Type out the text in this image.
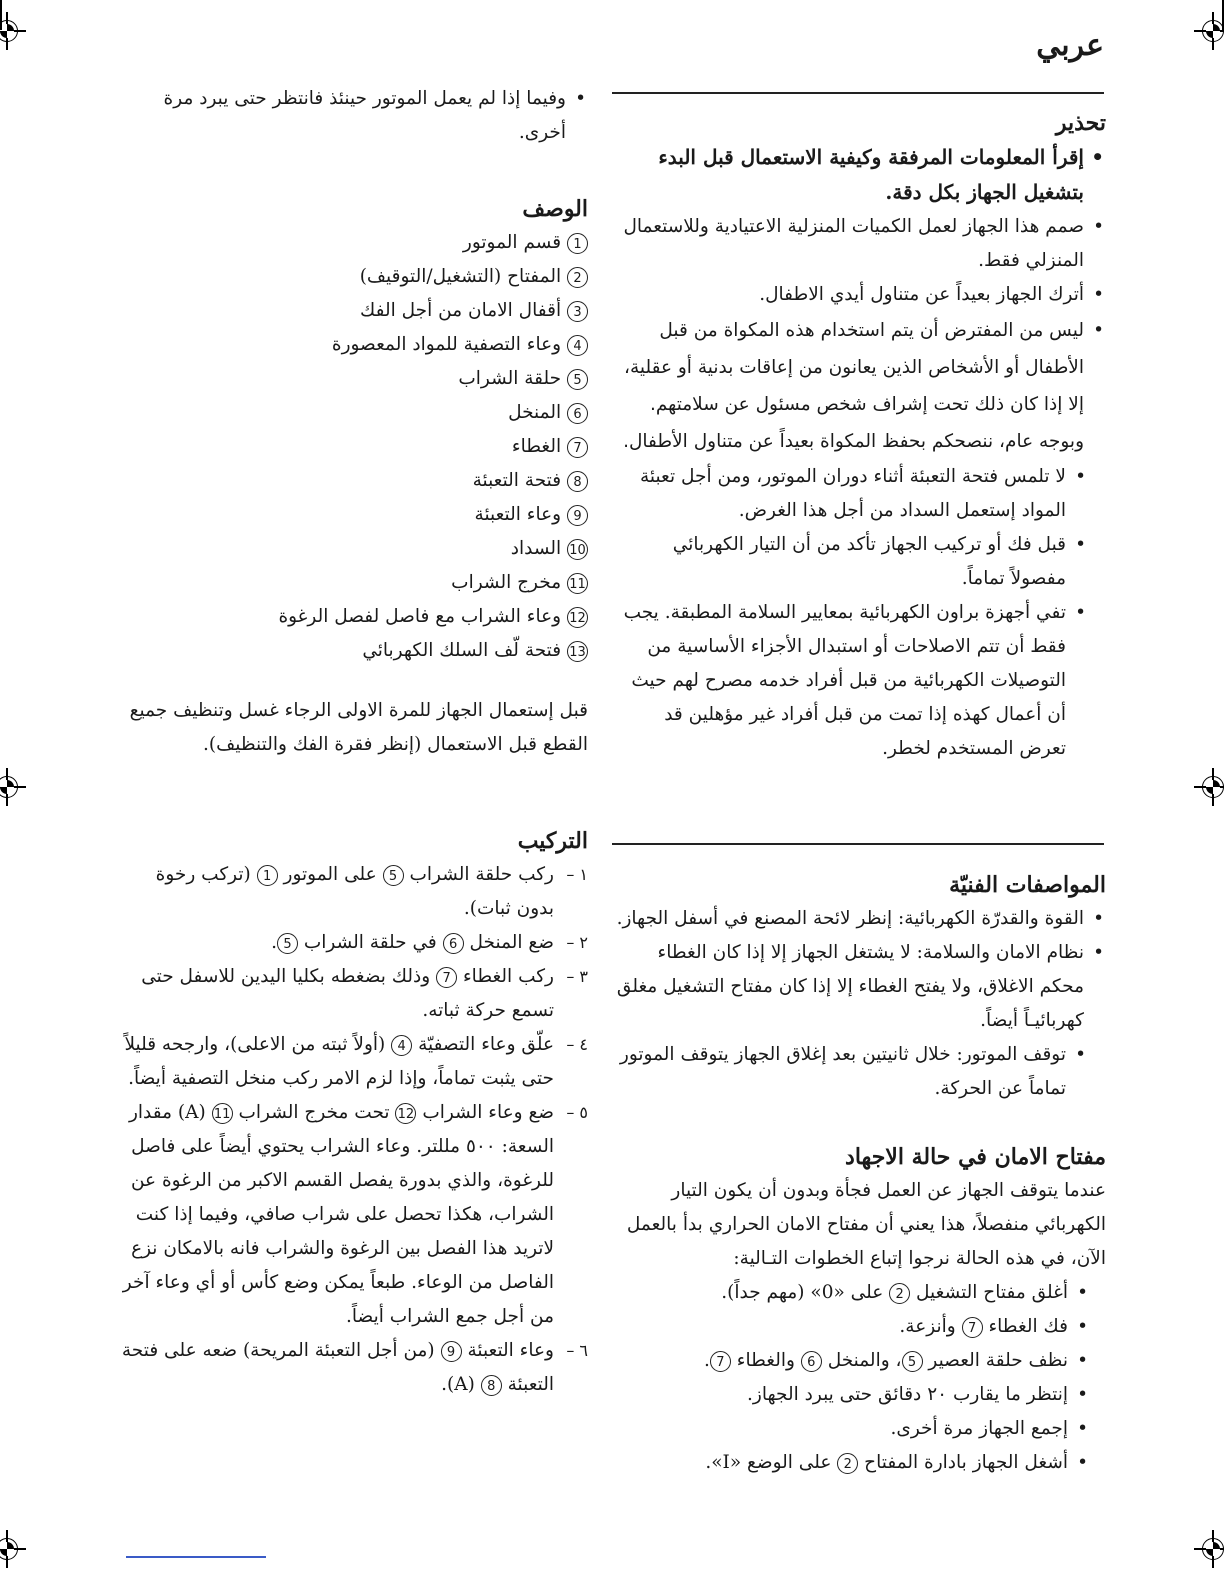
عربي
تحذير
• إقرأ المعلومات المرفقة وكيفية الاستعمال قبل البدء بتشغيل الجهاز بكل دقة.
• صمم هذا الجهاز لعمل الكميات المنزلية الاعتيادية وللاستعمال المنزلي فقط.
• أترك الجهاز بعيداً عن متناول أيدي الاطفال.
• ليس من المفترض أن يتم استخدام هذه المكواة من قبل الأطفال أو الأشخاص الذين يعانون من إعاقات بدنية أو عقلية، إلا إذا كان ذلك تحت إشراف شخص مسئول عن سلامتهم. وبوجه عام، ننصحكم بحفظ المكواة بعيداً عن متناول الأطفال.
• لا تلمس فتحة التعبئة أثناء دوران الموتور، ومن أجل تعبئة المواد إستعمل السداد من أجل هذا الغرض.
• قبل فك أو تركيب الجهاز تأكد من أن التيار الكهربائي مفصولاً تماماً.
• تفي أجهزة براون الكهربائية بمعايير السلامة المطبقة. يجب فقط أن تتم الاصلاحات أو استبدال الأجزاء الأساسية من التوصيلات الكهربائية من قبل أفراد خدمه مصرح لهم حيث أن أعمال كهذه إذا تمت من قبل أفراد غير مؤهلين قد تعرض المستخدم لخطر.
المواصفات الفنيّة
• القوة والقدرّة الكهربائية: إنظر لائحة المصنع في أسفل الجهاز.
• نظام الامان والسلامة: لا يشتغل الجهاز إلا إذا كان الغطاء محكم الاغلاق، ولا يفتح الغطاء إلا إذا كان مفتاح التشغيل مغلق كهربائيـاً أيضاً.
• توقف الموتور: خلال ثانيتين بعد إغلاق الجهاز يتوقف الموتور تماماً عن الحركة.
مفتاح الامان في حالة الاجهاد
عندما يتوقف الجهاز عن العمل فجأة وبدون أن يكون التيار الكهربائي منفصلاً، هذا يعني أن مفتاح الامان الحراري بدأ بالعمل الآن، في هذه الحالة نرجوا إتباع الخطوات التـالية:
• أغلق مفتاح التشغيل 2 على «0» (مهم جداً).
• فك الغطاء 7 وأنزعة.
• نظف حلقة العصير 5، والمنخل 6 والغطاء 7.
• إنتظر ما يقارب ٢٠ دقائق حتى يبرد الجهاز.
• إجمع الجهاز مرة أخرى.
• أشغل الجهاز بادارة المفتاح 2 على الوضع «I».
• وفيما إذا لم يعمل الموتور حينئذ فانتظر حتى يبرد مرة أخرى.
الوصف
1 قسم الموتور
2 المفتاح (التشغيل/التوقيف)
3 أقفال الامان من أجل الفك
4 وعاء التصفية للمواد المعصورة
5 حلقة الشراب
6 المنخل
7 الغطاء
8 فتحة التعبئة
9 وعاء التعبئة
10 السداد
11 مخرج الشراب
12 وعاء الشراب مع فاصل لفصل الرغوة
13 فتحة لّف السلك الكهربائي
قبل إستعمال الجهاز للمرة الاولى الرجاء غسل وتنظيف جميع القطع قبل الاستعمال (إنظر فقرة الفك والتنظيف).
التركيب
١ –	ركب حلقة الشراب 5 على الموتور 1 (تركب رخوة بدون ثبات).
٢ –	ضع المنخل 6 في حلقة الشراب 5.
٣ –	ركب الغطاء 7 وذلك بضغطه بكليا اليدين للاسفل حتى تسمع حركة ثباته.
٤ –	علّق وعاء التصفيّة 4 (أولاً ثبته من الاعلى)، وارجحه قليلاً حتى يثبت تماماً، وإذا لزم الامر ركب منخل التصفية أيضاً.
٥ –	ضع وعاء الشراب 12 تحت مخرج الشراب 11 (A) مقدار السعة: ٥٠٠ مللتر. وعاء الشراب يحتوي أيضاً على فاصل للرغوة، والذي بدورة يفصل القسم الاكبر من الرغوة عن الشراب، هكذا تحصل على شراب صافي، وفيما إذا كنت لاتريد هذا الفصل بين الرغوة والشراب فانه بالامكان نزع الفاصل من الوعاء. طبعاً يمكن وضع كأس أو أي وعاء آخر من أجل جمع الشراب أيضاً.
٦ –	وعاء التعبئة 9 (من أجل التعبئة المريحة) ضعه على فتحة التعبئة 8 (A).
